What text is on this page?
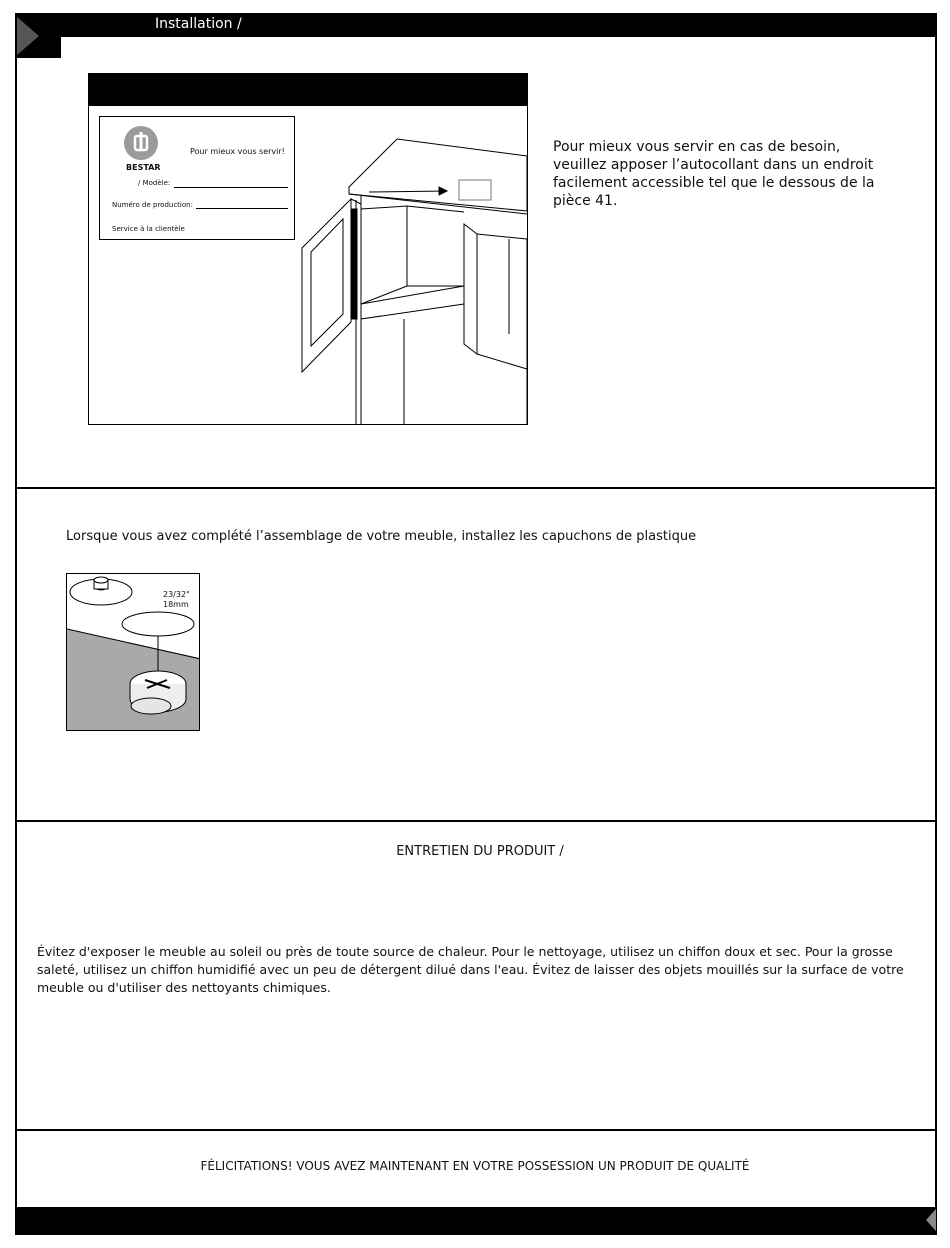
Installation /
BESTAR
Pour mieux vous servir!
/ Modèle:
Numéro de production:
Service à la clientèle
Pour mieux vous servir en cas de besoin, veuillez apposer l’autocollant dans un endroit facilement accessible tel que le dessous de la pièce 41.
Lorsque vous avez complété l’assemblage de votre meuble, installez les capuchons de plastique
23/32"
18mm
ENTRETIEN DU PRODUIT /
Évitez d'exposer le meuble au soleil ou près de toute source de chaleur. Pour le nettoyage, utilisez un chiffon doux et sec. Pour la grosse saleté, utilisez un chiffon humidifié avec un peu de détergent dilué dans l'eau. Évitez de laisser des objets mouillés sur la surface de votre meuble ou d'utiliser des nettoyants chimiques.
FÉLICITATIONS! VOUS AVEZ MAINTENANT EN VOTRE POSSESSION UN PRODUIT DE QUALITÉ
